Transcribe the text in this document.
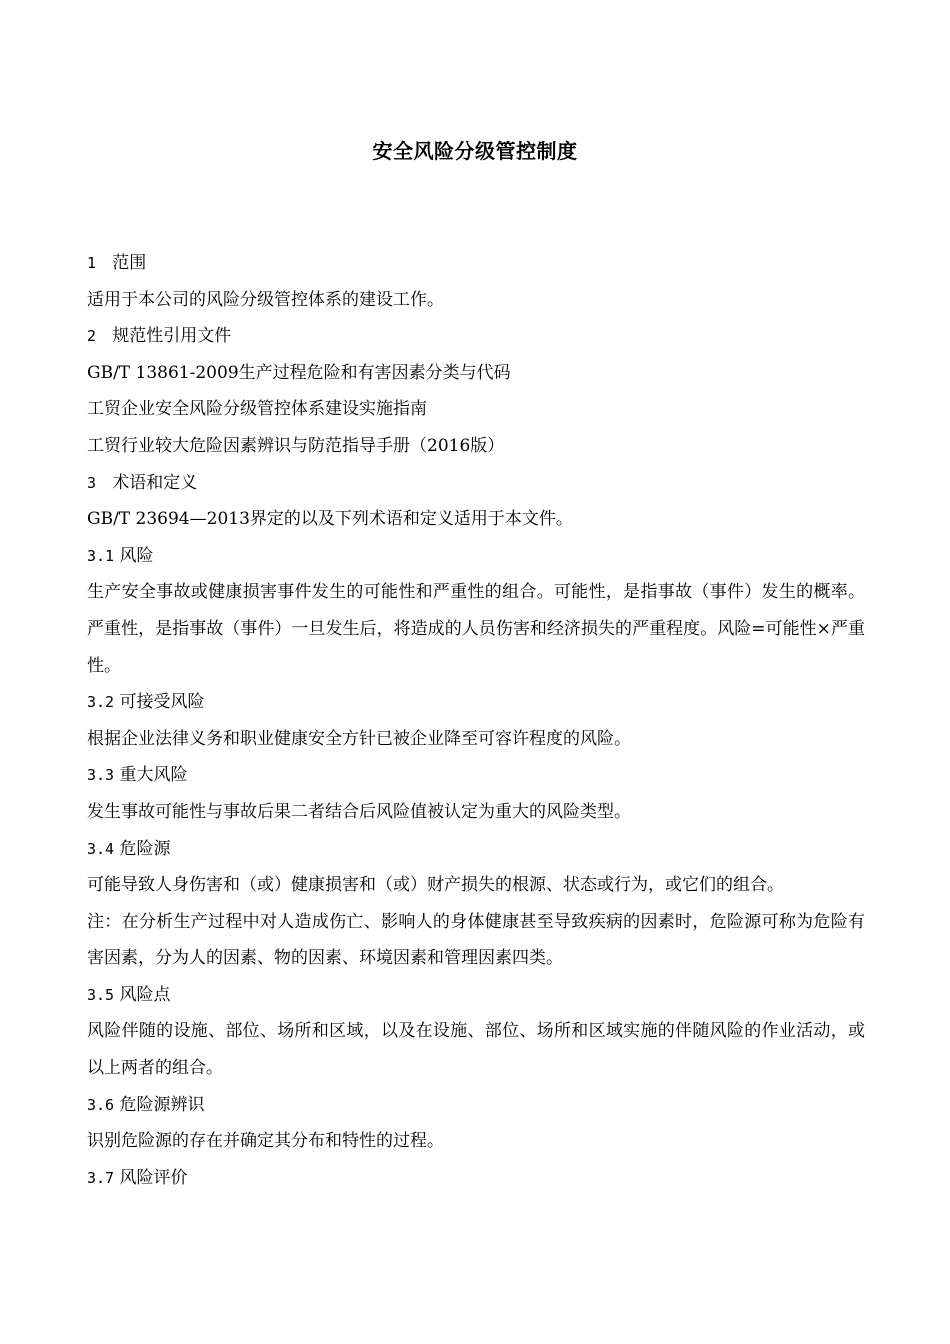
安全风险分级管控制度

1 范围

适用于本公司的风险分级管控体系的建设工作。

2 规范性引用文件

GB/T 13861-2009生产过程危险和有害因素分类与代码

工贸企业安全风险分级管控体系建设实施指南

工贸行业较大危险因素辨识与防范指导手册（2016版）

3 术语和定义

GB/T 23694—2013界定的以及下列术语和定义适用于本文件。

3.1 风险

生产安全事故或健康损害事件发生的可能性和严重性的组合。可能性，是指事故（事件）发生的概率。严重性，是指事故（事件）一旦发生后，将造成的人员伤害和经济损失的严重程度。风险=可能性×严重性。

3.2 可接受风险

根据企业法律义务和职业健康安全方针已被企业降至可容许程度的风险。

3.3 重大风险

发生事故可能性与事故后果二者结合后风险值被认定为重大的风险类型。

3.4 危险源

可能导致人身伤害和（或）健康损害和（或）财产损失的根源、状态或行为，或它们的组合。

注：在分析生产过程中对人造成伤亡、影响人的身体健康甚至导致疾病的因素时，危险源可称为危险有害因素，分为人的因素、物的因素、环境因素和管理因素四类。

3.5 风险点

风险伴随的设施、部位、场所和区域，以及在设施、部位、场所和区域实施的伴随风险的作业活动，或以上两者的组合。

3.6 危险源辨识

识别危险源的存在并确定其分布和特性的过程。

3.7 风险评价
